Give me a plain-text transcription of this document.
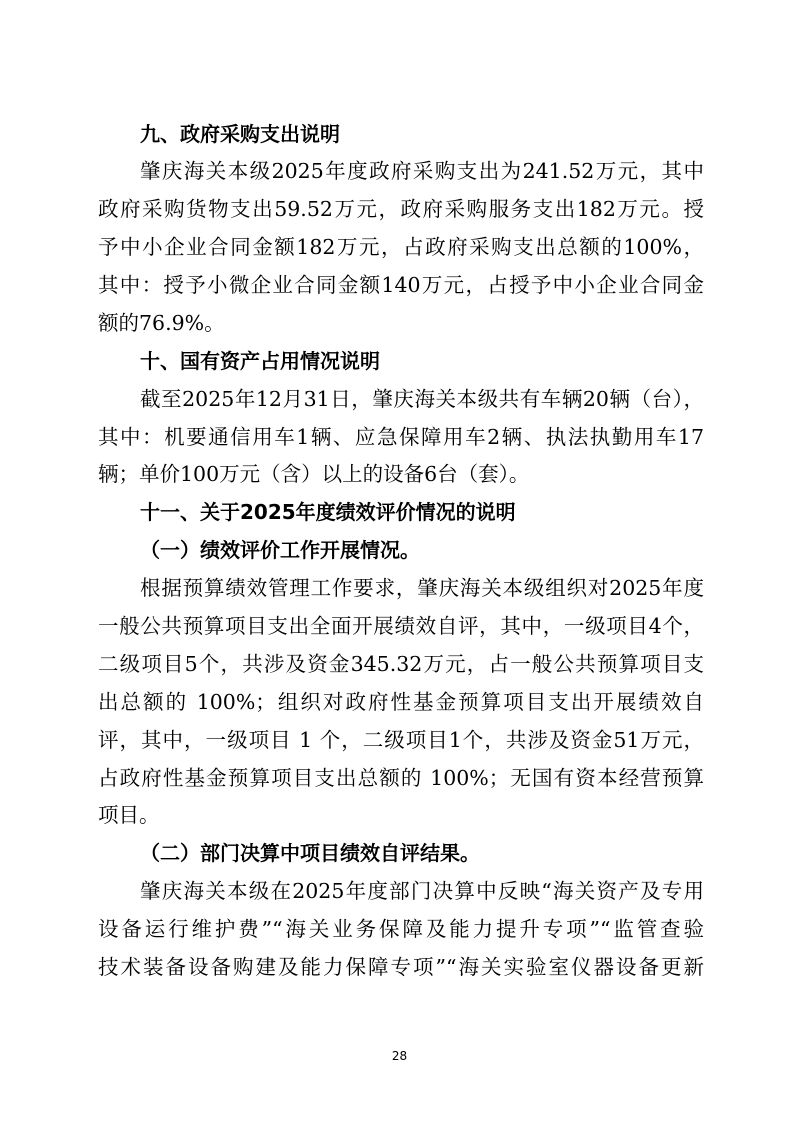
九、政府采购支出说明
肇庆海关本级2025年度政府采购支出为241.52万元，其中
政府采购货物支出59.52万元，政府采购服务支出182万元。授
予中小企业合同金额182万元，占政府采购支出总额的100%，
其中：授予小微企业合同金额140万元，占授予中小企业合同金
额的76.9%。
十、国有资产占用情况说明
截至2025年12月31日，肇庆海关本级共有车辆20辆（台），
其中：机要通信用车1辆、应急保障用车2辆、执法执勤用车17
辆；单价100万元（含）以上的设备6台（套）。
十一、关于2025年度绩效评价情况的说明
（一）绩效评价工作开展情况。
根据预算绩效管理工作要求，肇庆海关本级组织对2025年度
一般公共预算项目支出全面开展绩效自评，其中，一级项目4个，
二级项目5个，共涉及资金345.32万元，占一般公共预算项目支
出总额的 100%；组织对政府性基金预算项目支出开展绩效自
评，其中，一级项目 1 个，二级项目1个，共涉及资金51万元，
占政府性基金预算项目支出总额的 100%；无国有资本经营预算
项目。
（二）部门决算中项目绩效自评结果。
肇庆海关本级在2025年度部门决算中反映“海关资产及专用
设备运行维护费”“海关业务保障及能力提升专项”“监管查验
技术装备设备购建及能力保障专项”“海关实验室仪器设备更新
28
